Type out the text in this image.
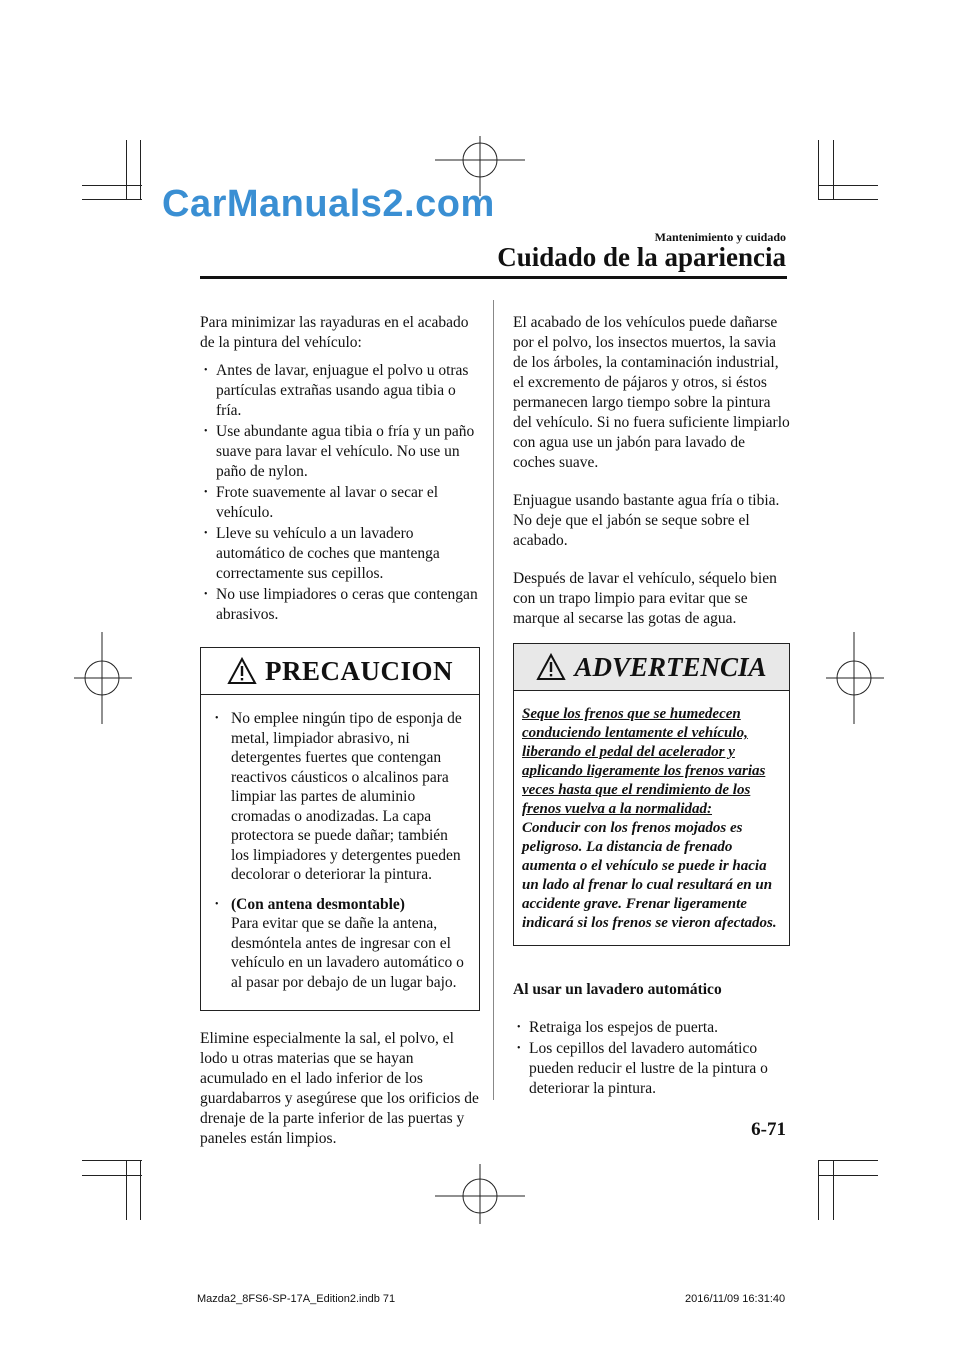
CarManuals2.com
Mantenimiento y cuidado
Cuidado de la apariencia

Para minimizar las rayaduras en el acabado de la pintura del vehículo:

• Antes de lavar, enjuague el polvo u otras partículas extrañas usando agua tibia o fría.
• Use abundante agua tibia o fría y un paño suave para lavar el vehículo. No use un paño de nylon.
• Frote suavemente al lavar o secar el vehículo.
• Lleve su vehículo a un lavadero automático de coches que mantenga correctamente sus cepillos.
• No use limpiadores o ceras que contengan abrasivos.
PRECAUCION
• No emplee ningún tipo de esponja de metal, limpiador abrasivo, ni detergentes fuertes que contengan reactivos cáusticos o alcalinos para limpiar las partes de aluminio cromadas o anodizadas. La capa protectora se puede dañar; también los limpiadores y detergentes pueden decolorar o deteriorar la pintura.
• (Con antena desmontable)
Para evitar que se dañe la antena, desmóntela antes de ingresar con el vehículo en un lavadero automático o al pasar por debajo de un lugar bajo.

Elimine especialmente la sal, el polvo, el lodo u otras materias que se hayan acumulado en el lado inferior de los guardabarros y asegúrese que los orificios de drenaje de la parte inferior de las puertas y paneles están limpios.

El acabado de los vehículos puede dañarse por el polvo, los insectos muertos, la savia de los árboles, la contaminación industrial, el excremento de pájaros y otros, si éstos permanecen largo tiempo sobre la pintura del vehículo. Si no fuera suficiente limpiarlo con agua use un jabón para lavado de coches suave.

Enjuague usando bastante agua fría o tibia. No deje que el jabón se seque sobre el acabado.

Después de lavar el vehículo, séquelo bien con un trapo limpio para evitar que se marque al secarse las gotas de agua.

ADVERTENCIA
Seque los frenos que se humedecen conduciendo lentamente el vehículo, liberando el pedal del acelerador y aplicando ligeramente los frenos varias veces hasta que el rendimiento de los frenos vuelva a la normalidad:
Conducir con los frenos mojados es peligroso. La distancia de frenado aumenta o el vehículo se puede ir hacia un lado al frenar lo cual resultará en un accidente grave. Frenar ligeramente indicará si los frenos se vieron afectados.

Al usar un lavadero automático

• Retraiga los espejos de puerta.
• Los cepillos del lavadero automático pueden reducir el lustre de la pintura o deteriorar la pintura.
6-71
Mazda2_8FS6-SP-17A_Edition2.indb 71	2016/11/09 16:31:40
